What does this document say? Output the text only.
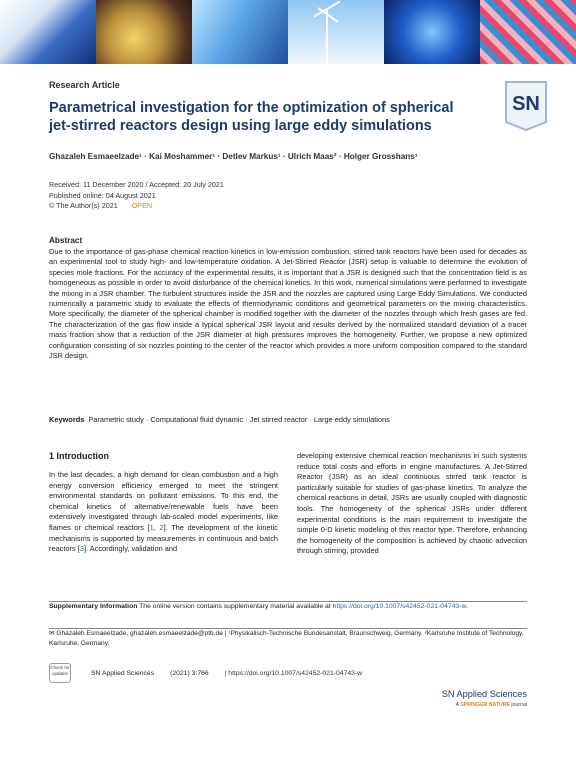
Research Article
Parametrical investigation for the optimization of spherical jet-stirred reactors design using large eddy simulations
SN
Ghazaleh Esmaeelzade¹ · Kai Moshammer¹ · Detlev Markus¹ · Ulrich Maas² · Holger Grosshans¹
Received: 11 December 2020 / Accepted: 20 July 2021
Published online: 04 August 2021
© The Author(s) 2021 OPEN
Abstract
Due to the importance of gas-phase chemical reaction kinetics in low-emission combustion, stirred tank reactors have been used for decades as an experimental tool to study high- and low-temperature oxidation. A Jet-Stirred Reactor (JSR) setup is valuable to determine the evolution of species mole fractions. For the accuracy of the experimental results, it is important that a JSR is designed such that the concentration field is as homogeneous as possible in order to avoid disturbance of the chemical kinetics. In this work, numerical simulations were performed to investigate the mixing in a JSR chamber. The turbulent structures inside the JSR and the nozzles are captured using Large Eddy Simulations. We conducted numerically a parametric study to evaluate the effects of thermodynamic conditions and geometrical parameters on the mixing characteristics. More specifically, the diameter of the spherical chamber is modified together with the diameter of the nozzles through which fresh gases are fed. The characterization of the gas flow inside a typical spherical JSR layout and results derived by the normalized standard deviation of a tracer mass fraction show that a reduction of the JSR diameter at high pressures improves the homogeneity. Further, we propose a new optimized configuration consisting of six nozzles pointing to the center of the reactor which provides a more uniform composition compared to the standard JSR design.
Keywords Parametric study · Computational fluid dynamic · Jet stirred reactor · Large eddy simulations
1 Introduction
In the last decades, a high demand for clean combustion and a high energy conversion efficiency emerged to meet the stringent environmental standards on pollutant emissions. To this end, the chemical kinetics of alternative/renewable fuels have been extensively investigated through lab-scaled model experiments, like flames or chemical reactors [1, 2]. The development of the kinetic mechanisms is supported by measurements in continuous and batch reactors [3]. Accordingly, validation and
developing extensive chemical reaction mechanisms in such systems reduce total costs and efforts in engine manufactures. A Jet-Stirred Reactor (JSR) as an ideal continuous stirred tank reactor is particularly suitable for studies of gas-phase kinetics. To analyze the chemical reactions in detail, JSRs are usually coupled with diagnostic tools. The homogeneity of the spherical JSRs under different experimental conditions is the main requirement to investigate the simple 0-D kinetic modeling of this reactor type. Therefore, enhancing the homogeneity of the composition is achieved by chaotic advection through stirring, provided
Supplementary Information The online version contains supplementary material available at https://doi.org/10.1007/s42452-021-04743-w.
✉ Ghazaleh Esmaeelzade, ghazaleh.esmaeelzade@ptb.de | ¹Physikalisch-Technische Bundesanstalt, Braunschweig, Germany. ²Karlsruhe Institute of Technology, Karlsruhe, Germany.
Check for updates	SN Applied Sciences (2021) 3:766 | https://doi.org/10.1007/s42452-021-04743-w
SN Applied Sciences
A SPRINGER NATURE journal
